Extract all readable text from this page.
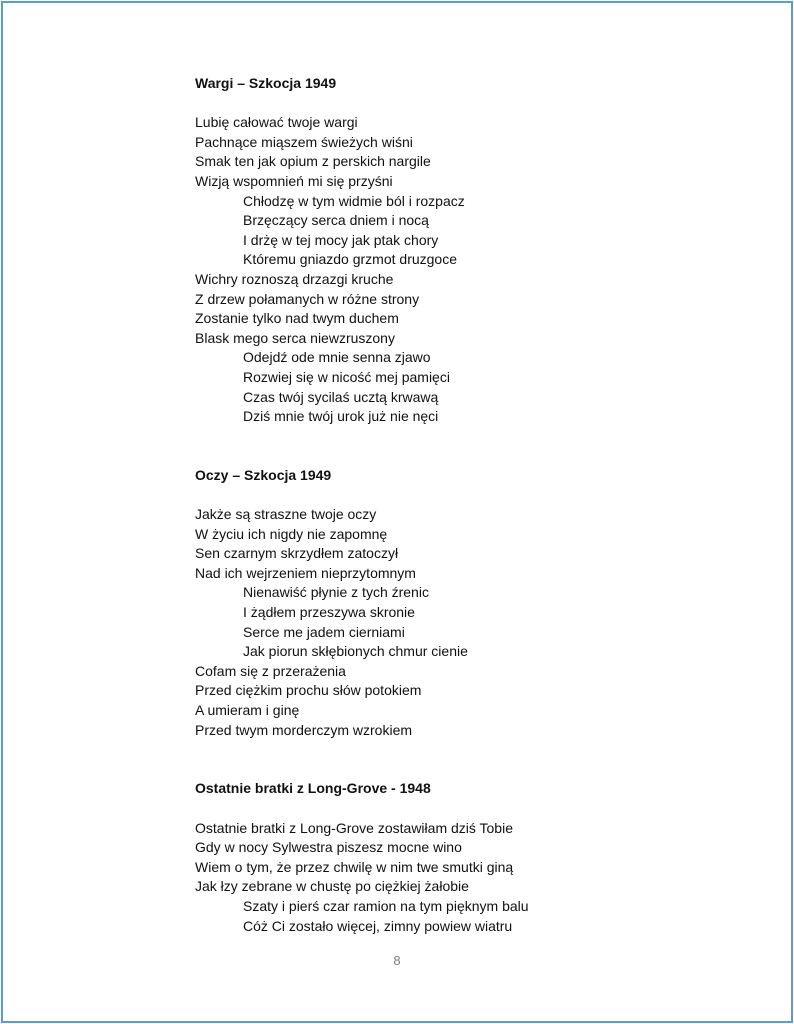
Wargi – Szkocja 1949
Lubię całować twoje wargi
Pachnące miąszem świeżych wiśni
Smak ten jak opium z perskich nargile
Wizją wspomnień mi się przyśni
Chłodzę w tym widmie ból i rozpacz
Brzęczący serca dniem i nocą
I drżę w tej mocy jak ptak chory
Któremu gniazdo grzmot druzgoce
Wichry roznoszą drzazgi kruche
Z drzew połamanych w różne strony
Zostanie tylko nad twym duchem
Blask mego serca niewzruszony
Odejdź ode mnie senna zjawo
Rozwiej się w nicość mej pamięci
Czas twój sycilaś ucztą krwawą
Dziś mnie twój urok już nie nęci
Oczy – Szkocja 1949
Jakże są straszne twoje oczy
W życiu ich nigdy nie zapomnę
Sen czarnym skrzydłem zatoczył
Nad ich wejrzeniem nieprzytomnym
Nienawiść płynie z tych źrenic
I żądłem przeszywa skronie
Serce me jadem cierniami
Jak piorun skłębionych chmur cienie
Cofam się z przerażenia
Przed ciężkim prochu słów potokiem
A umieram i ginę
Przed twym morderczym wzrokiem
Ostatnie bratki z Long-Grove - 1948
Ostatnie bratki z Long-Grove zostawiłam dziś Tobie
Gdy w nocy Sylwestra piszesz mocne wino
Wiem o tym, że przez chwilę w nim twe smutki giną
Jak łzy zebrane w chustę po ciężkiej żałobie
Szaty i pierś czar ramion na tym pięknym balu
Cóż Ci zostało więcej, zimny powiew wiatru
8
